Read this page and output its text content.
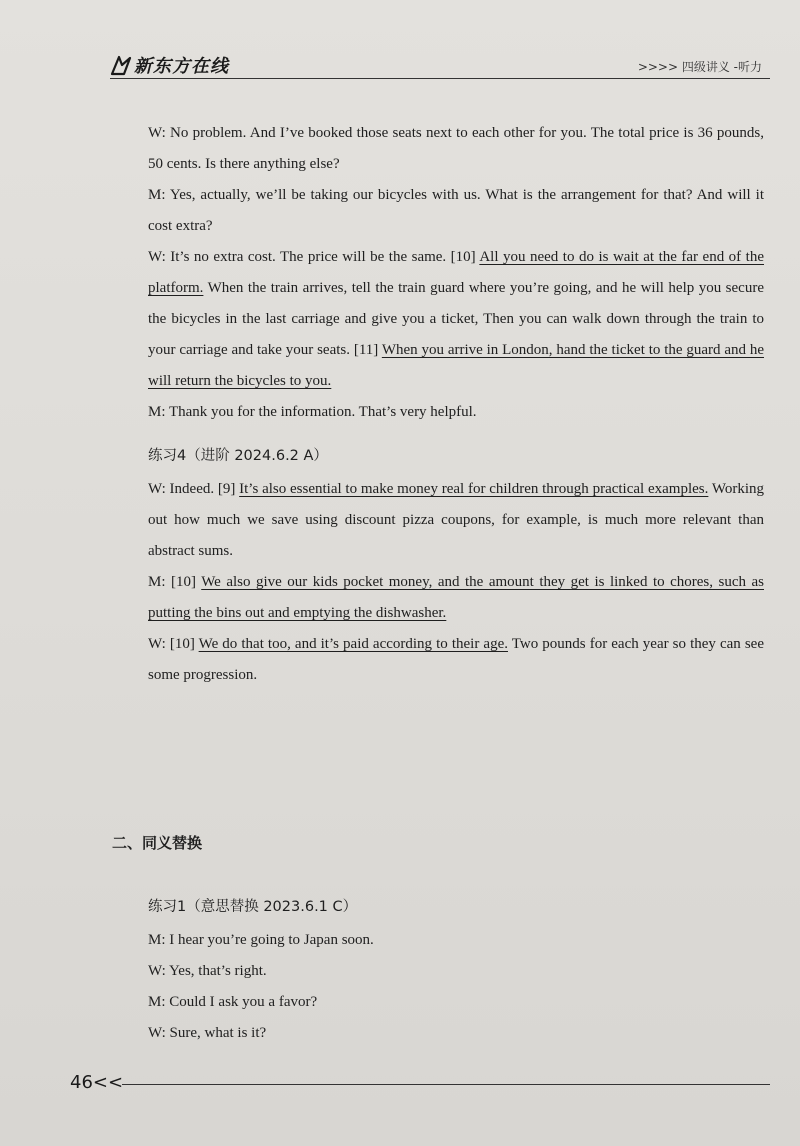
新东方在线	>>>> 四级讲义 -听力

W: No problem. And I’ve booked those seats next to each other for you. The total price is 36 pounds, 50 cents. Is there anything else?

M: Yes, actually, we’ll be taking our bicycles with us. What is the arrangement for that? And will it cost extra?

W: It’s no extra cost. The price will be the same. [10] All you need to do is wait at the far end of the platform. When the train arrives, tell the train guard where you’re going, and he will help you secure the bicycles in the last carriage and give you a ticket, Then you can walk down through the train to your carriage and take your seats. [11] When you arrive in London, hand the ticket to the guard and he will return the bicycles to you.

M: Thank you for the information. That’s very helpful.

练习4（进阶 2024.6.2 A）

W: Indeed. [9] It’s also essential to make money real for children through practical examples. Working out how much we save using discount pizza coupons, for example, is much more relevant than abstract sums.

M: [10] We also give our kids pocket money, and the amount they get is linked to chores, such as putting the bins out and emptying the dishwasher.

W: [10] We do that too, and it’s paid according to their age. Two pounds for each year so they can see some progression.

二、同义替换
练习1（意思替换 2023.6.1 C）

M: I hear you’re going to Japan soon.

W: Yes, that’s right.

M: Could I ask you a favor?

W: Sure, what is it?

46<<
